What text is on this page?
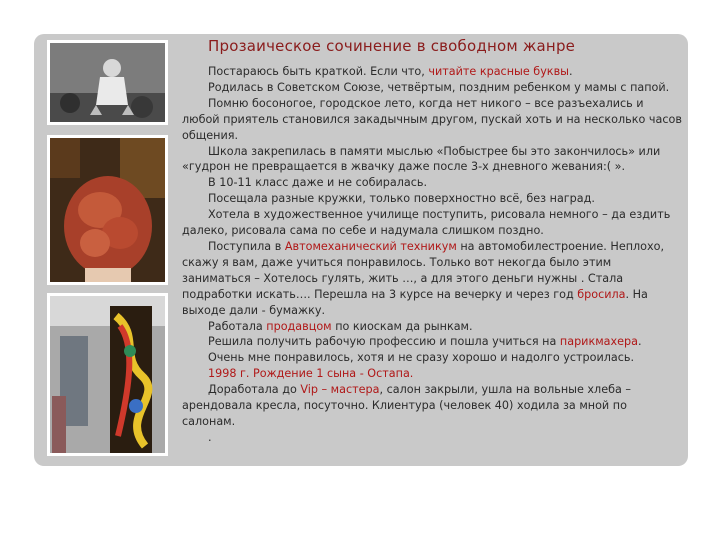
Прозаическое сочинение в свободном жанре

Постараюсь быть краткой. Если что, читайте красные буквы.

Родилась в Советском Союзе, четвёртым, поздним ребенком у мамы с папой.

Помню босоногое, городское лето, когда нет никого – все разъехались и любой приятель становился закадычным другом, пускай хоть и на несколько часов общения.

Школа закрепилась в памяти мыслью «Побыстрее бы это закончилось» или «гудрон не превращается в жвачку даже после 3-х дневного жевания:( ».

В 10-11 класс даже и не собиралась.

Посещала разные кружки, только поверхностно всё, без наград.

Хотела в художественное училище поступить, рисовала немного – да ездить далеко, рисовала сама по себе и надумала слишком поздно.

Поступила в Автомеханический техникум на автомобилестроение. Неплохо, скажу я вам, даже учиться понравилось. Только вот некогда было этим заниматься – Хотелось гулять, жить …, а для этого деньги нужны . Стала подработки искать…. Перешла на 3 курсе на вечерку и через год бросила. На выходе дали - бумажку.

Работала продавцом по киоскам да рынкам.

Решила получить рабочую профессию и пошла учиться на парикмахера.

Очень мне понравилось, хотя и не сразу хорошо и надолго устроилась.

1998 г. Рождение 1 сына - Остапа.

Доработала до Vip – мастера, салон закрыли, ушла на вольные хлеба – арендовала кресла, посуточно. Клиентура (человек 40) ходила за мной по салонам.

.
